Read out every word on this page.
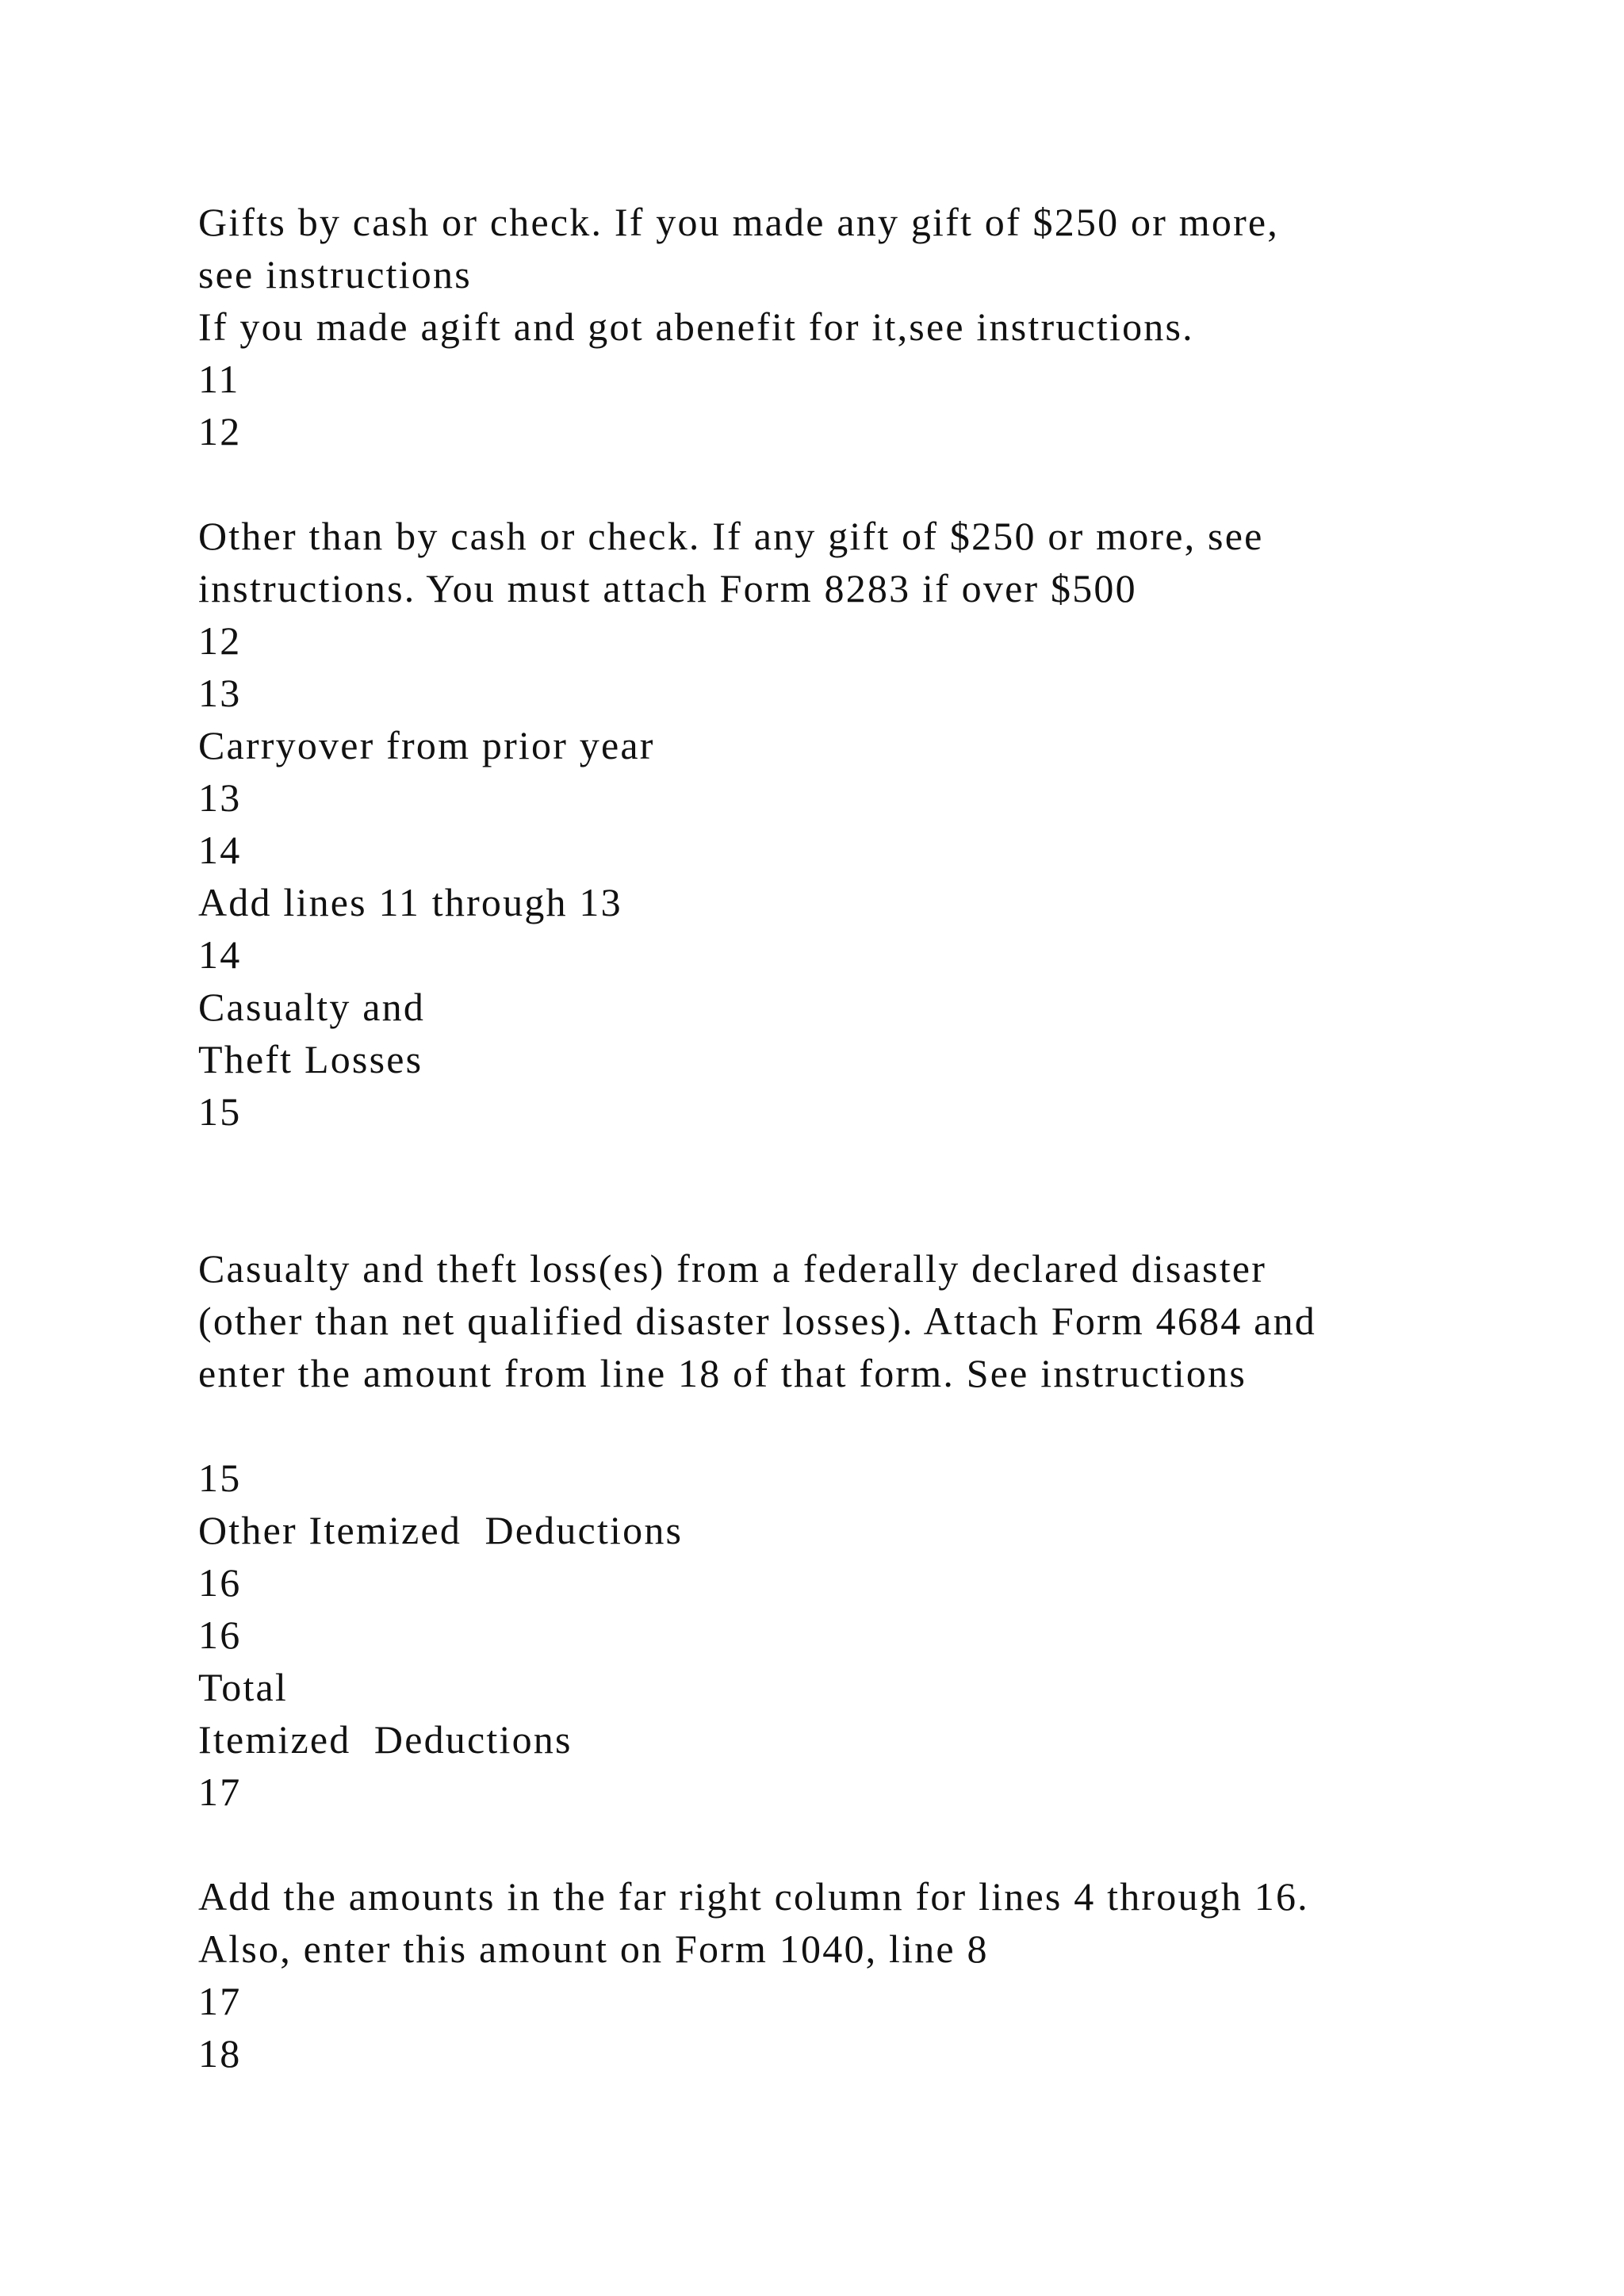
Gifts by cash or check. If you made any gift of $250 or more,
see instructions
If you made agift and got abenefit for it,see instructions.
11
12
Other than by cash or check. If any gift of $250 or more, see
instructions. You must attach Form 8283 if over $500
12
13
Carryover from prior year
13
14
Add lines 11 through 13
14
Casualty and
Theft Losses
15
Casualty and theft loss(es) from a federally declared disaster
(other than net qualified disaster losses). Attach Form 4684 and
enter the amount from line 18 of that form. See instructions
15
Other Itemized  Deductions
16
16
Total
Itemized  Deductions
17
Add the amounts in the far right column for lines 4 through 16.
Also, enter this amount on Form 1040, line 8
17
18
